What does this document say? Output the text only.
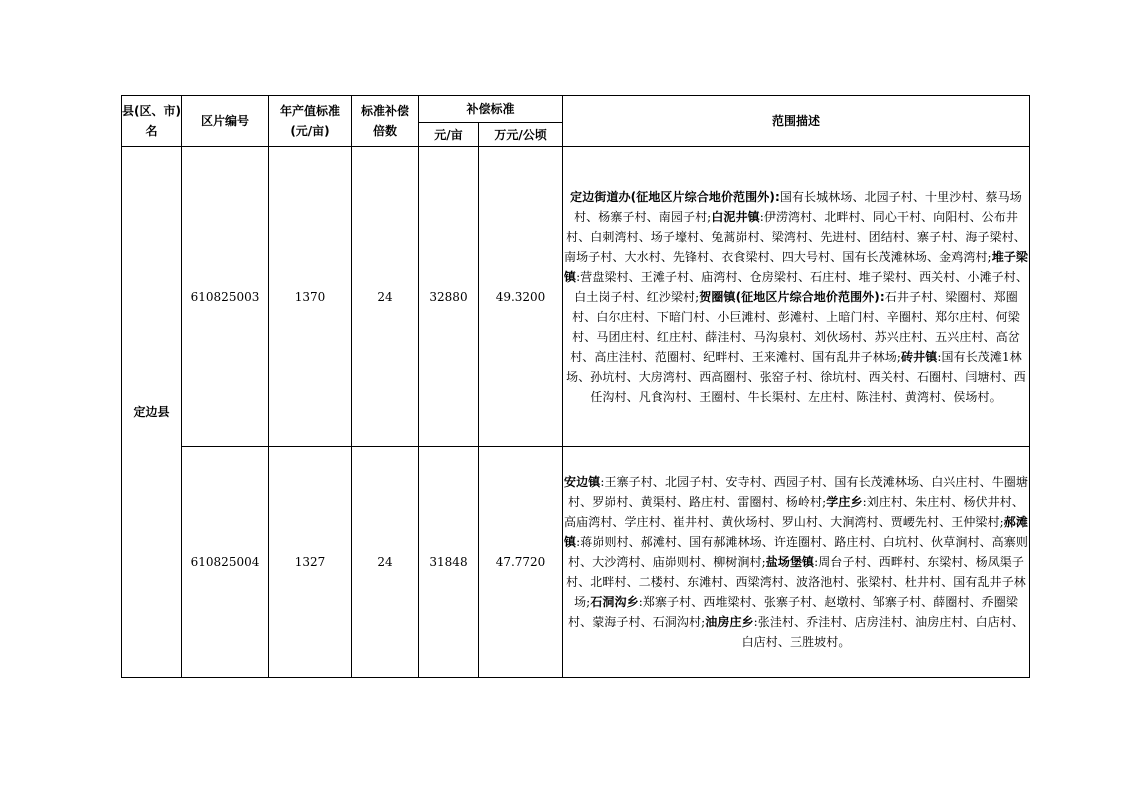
县(区、市)名	区片编号	年产值标准(元/亩)	标准补偿倍数	补偿标准		范围描述
				元/亩	万元/公顷	
定边县	610825003	1370	24	32880	49.3200	定边街道办(征地区片综合地价范围外):国有长城林场、北园子村、十里沙村、蔡马场村、杨寨子村、南园子村;白泥井镇:伊涝湾村、北畔村、同心干村、向阳村、公布井村、白刺湾村、场子壕村、兔蒿峁村、梁湾村、先进村、团结村、寨子村、海子梁村、南场子村、大水村、先锋村、衣食梁村、四大号村、国有长茂滩林场、金鸡湾村;堆子梁镇:营盘梁村、王滩子村、庙湾村、仓房梁村、石庄村、堆子梁村、西关村、小滩子村、白土岗子村、红沙梁村;贺圈镇(征地区片综合地价范围外):石井子村、梁圈村、郑圈村、白尔庄村、下暗门村、小巨滩村、彭滩村、上暗门村、辛圈村、郑尔庄村、何梁村、马团庄村、红庄村、薛洼村、马沟泉村、刘伙场村、苏兴庄村、五兴庄村、高岔村、高庄洼村、范圈村、纪畔村、王来滩村、国有乱井子林场;砖井镇:国有长茂滩1林场、孙坑村、大房湾村、西高圈村、张窑子村、徐坑村、西关村、石圈村、闫塘村、西任沟村、凡食沟村、王圈村、牛长渠村、左庄村、陈洼村、黄湾村、侯场村。
	610825004	1327	24	31848	47.7720	安边镇:王寨子村、北园子村、安寺村、西园子村、国有长茂滩林场、白兴庄村、牛圈塘村、罗峁村、黄渠村、路庄村、雷圈村、杨岭村;学庄乡:刘庄村、朱庄村、杨伏井村、高庙湾村、学庄村、崔井村、黄伙场村、罗山村、大涧湾村、贾崾先村、王仲梁村;郝滩镇:蒋峁则村、郝滩村、国有郝滩林场、许连圈村、路庄村、白坑村、伙草涧村、高寨则村、大沙湾村、庙峁则村、柳树涧村;盐场堡镇:周台子村、西畔村、东梁村、杨凤渠子村、北畔村、二楼村、东滩村、西梁湾村、波洛池村、张梁村、杜井村、国有乱井子林场;石洞沟乡:郑寨子村、西堆梁村、张寨子村、赵墩村、邹寨子村、薛圈村、乔圈梁村、蒙海子村、石洞沟村;油房庄乡:张洼村、乔洼村、店房洼村、油房庄村、白店村、白店村、三胜坡村。
